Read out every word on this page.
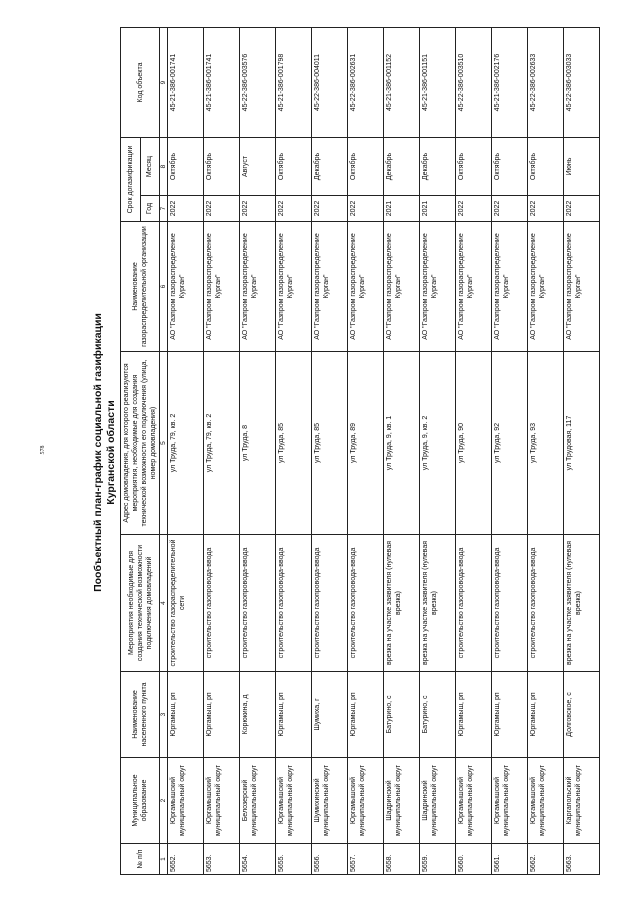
578	Пообъектный план-график социальной газификации Курганской области
№ п/п	Муниципальное образование	Наименование населенного пункта	Мероприятия необходимые для создания технической возможности подключения домовладений	Адрес домовладения, для которого реализуются мероприятия, необходимые для создания технической возможности его подключения (улица, номер домовладения)	Наименование газораспределительной организации	Срок догазификации		Код объекта
						Год	Месяц	
1	2	3	4	5	6	7	8	9
5652.	Юргамышский муниципальный округ	Юргамыш, рп	строительство газораспределительной сети	ул Труда, 79, кв. 2	АО "Газпром газораспределение Курган"	2022	Октябрь	45-21-386-001741
5653.	Юргамышский муниципальный округ	Юргамыш, рп	строительство газопровода-ввода	ул Труда, 79, кв. 2	АО "Газпром газораспределение Курган"	2022	Октябрь	45-21-386-001741
5654.	Белозерский муниципальный округ	Корюкина, д	строительство газопровода-ввода	ул Труда, 8	АО "Газпром газораспределение Курган"	2022	Август	45-22-386-003576
5655.	Юргамышский муниципальный округ	Юргамыш, рп	строительство газопровода-ввода	ул Труда, 85	АО "Газпром газораспределение Курган"	2022	Октябрь	45-21-386-001798
5656.	Шумихинский муниципальный округ	Шумиха, г	строительство газопровода-ввода	ул Труда, 85	АО "Газпром газораспределение Курган"	2022	Декабрь	45-22-386-004011
5657.	Юргамышский муниципальный округ	Юргамыш, рп	строительство газопровода-ввода	ул Труда, 89	АО "Газпром газораспределение Курган"	2022	Октябрь	45-22-386-002631
5658.	Шадринский муниципальный округ	Батурино, с	врезка на участке заявителя (нулевая врезка)	ул Труда, 9, кв. 1	АО "Газпром газораспределение Курган"	2021	Декабрь	45-21-386-001152
5659.	Шадринский муниципальный округ	Батурино, с	врезка на участке заявителя (нулевая врезка)	ул Труда, 9, кв. 2	АО "Газпром газораспределение Курган"	2021	Декабрь	45-21-386-001151
5660.	Юргамышский муниципальный округ	Юргамыш, рп	строительство газопровода-ввода	ул Труда, 90	АО "Газпром газораспределение Курган"	2022	Октябрь	45-22-386-003510
5661.	Юргамышский муниципальный округ	Юргамыш, рп	строительство газопровода-ввода	ул Труда, 92	АО "Газпром газораспределение Курган"	2022	Октябрь	45-21-386-002176
5662.	Юргамышский муниципальный округ	Юргамыш, рп	строительство газопровода-ввода	ул Труда, 93	АО "Газпром газораспределение Курган"	2022	Октябрь	45-22-386-002633
5663.	Каргапольский муниципальный округ	Долговское, с	врезка на участке заявителя (нулевая врезка)	ул Трудовая, 117	АО "Газпром газораспределение Курган"	2022	Июнь	45-22-386-003033
